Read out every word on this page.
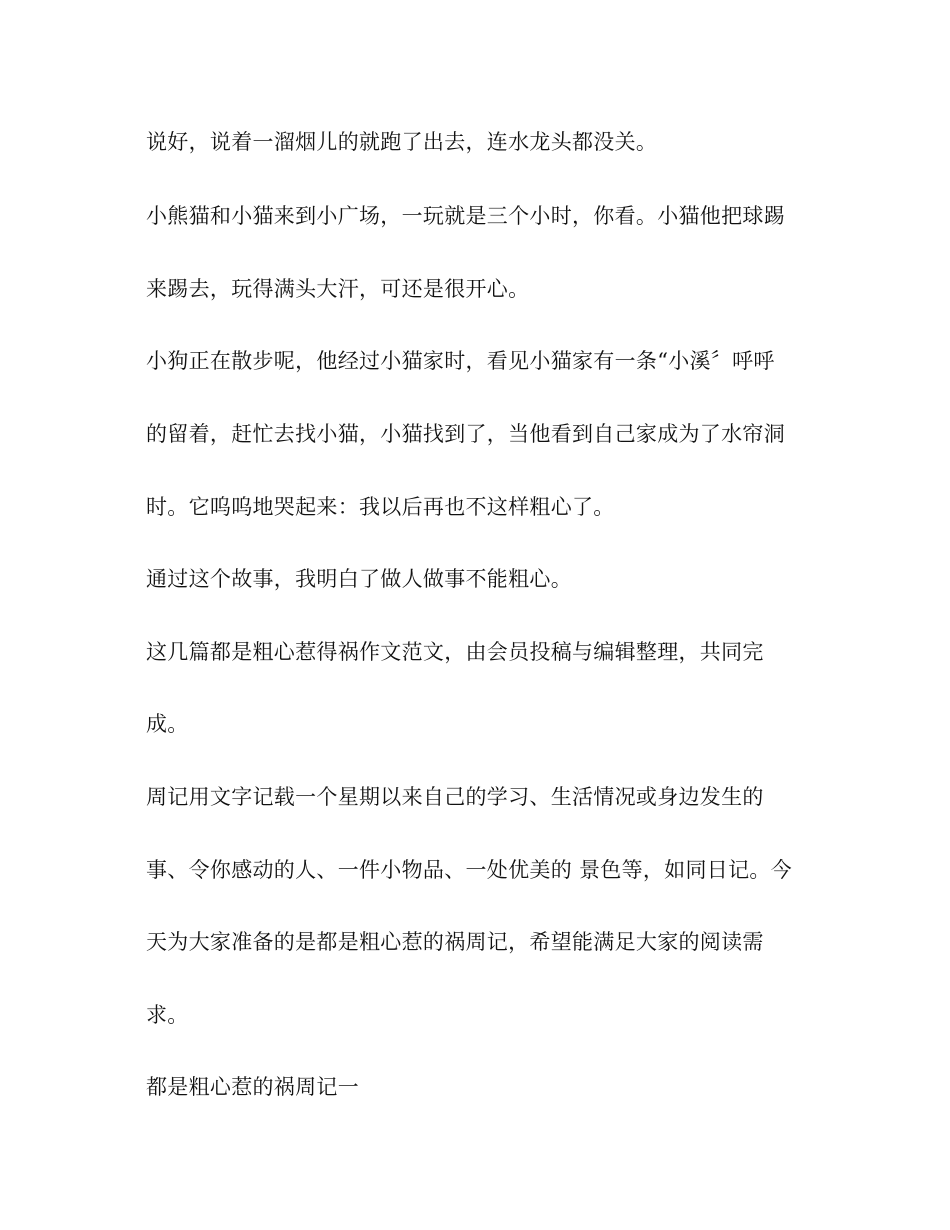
说好，说着一溜烟儿的就跑了出去，连水龙头都没关。
小熊猫和小猫来到小广场，一玩就是三个小时，你看。小猫他把球踢
来踢去，玩得满头大汗，可还是很开心。
小狗正在散步呢，他经过小猫家时，看见小猫家有一条“小溪〞呼呼
的留着，赶忙去找小猫，小猫找到了，当他看到自己家成为了水帘洞
时。它呜呜地哭起来：我以后再也不这样粗心了。
通过这个故事，我明白了做人做事不能粗心。
这几篇都是粗心惹得祸作文范文，由会员投稿与编辑整理，共同完
成。
周记用文字记载一个星期以来自己的学习、生活情况或身边发生的
事、令你感动的人、一件小物品、一处优美的 景色等，如同日记。今
天为大家准备的是都是粗心惹的祸周记，希望能满足大家的阅读需
求。
都是粗心惹的祸周记一
